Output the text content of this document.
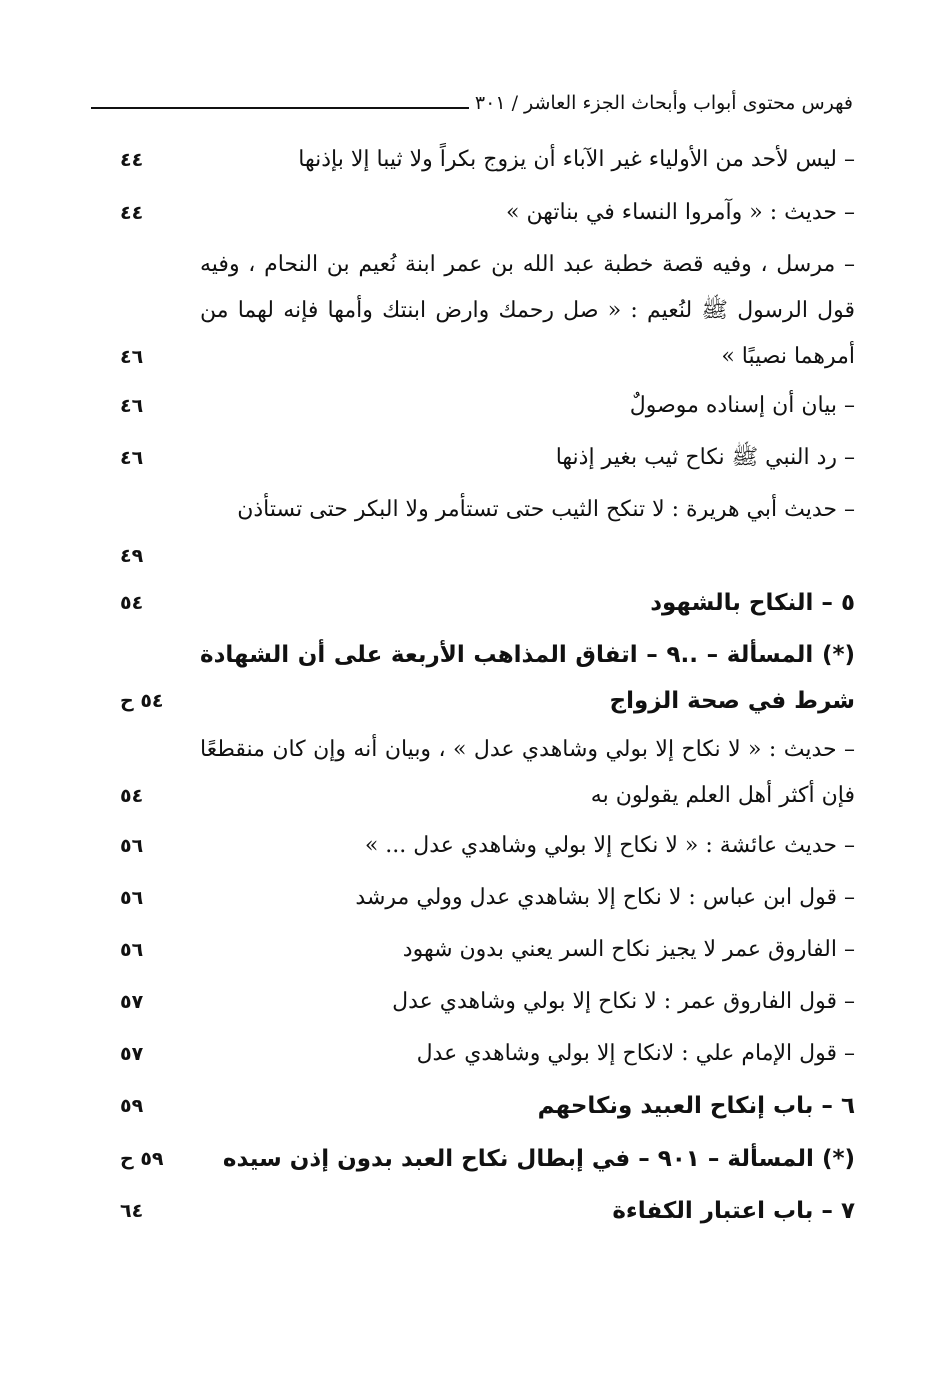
فهرس محتوى أبواب وأبحاث الجزء العاشر / ٣٠١
– ليس لأحد من الأولياء غير الآباء أن يزوج بكراً ولا ثيبا إلا بإذنها
٤٤
– حديث : « وآمروا النساء في بناتهن »
٤٤
– مرسل ، وفيه قصة خطبة عبد الله بن عمر ابنة نُعيم بن النحام ، وفيه قول الرسول ﷺ لنُعيم : « صل رحمك وارض ابنتك وأمها فإنه لهما من أمرهما نصيبًا »
٤٦
– بيان أن إسناده موصولٌ
٤٦
– رد النبي ﷺ نكاح ثيب بغير إذنها
٤٦
– حديث أبي هريرة : لا تنكح الثيب حتى تستأمر ولا البكر حتى تستأذن
٤٩
٥ – النكاح بالشهود
٥٤
(*) المسألة – ..٩ – اتفاق المذاهب الأربعة على أن الشهادة شرط في صحة الزواج
٥٤ ح
– حديث : « لا نكاح إلا بولي وشاهدي عدل » ، وبيان أنه وإن كان منقطعًا فإن أكثر أهل العلم يقولون به
٥٤
– حديث عائشة : « لا نكاح إلا بولي وشاهدي عدل ... »
٥٦
– قول ابن عباس : لا نكاح إلا بشاهدي عدل وولي مرشد
٥٦
– الفاروق عمر لا يجيز نكاح السر يعني بدون شهود
٥٦
– قول الفاروق عمر : لا نكاح إلا بولي وشاهدي عدل
٥٧
– قول الإمام علي : لانكاح إلا بولي وشاهدي عدل
٥٧
٦ – باب إنكاح العبيد ونكاحهم
٥٩
(*) المسألة – ٩٠١ – في إبطال نكاح العبد بدون إذن سيده
٥٩ ح
٧ – باب اعتبار الكفاءة
٦٤
